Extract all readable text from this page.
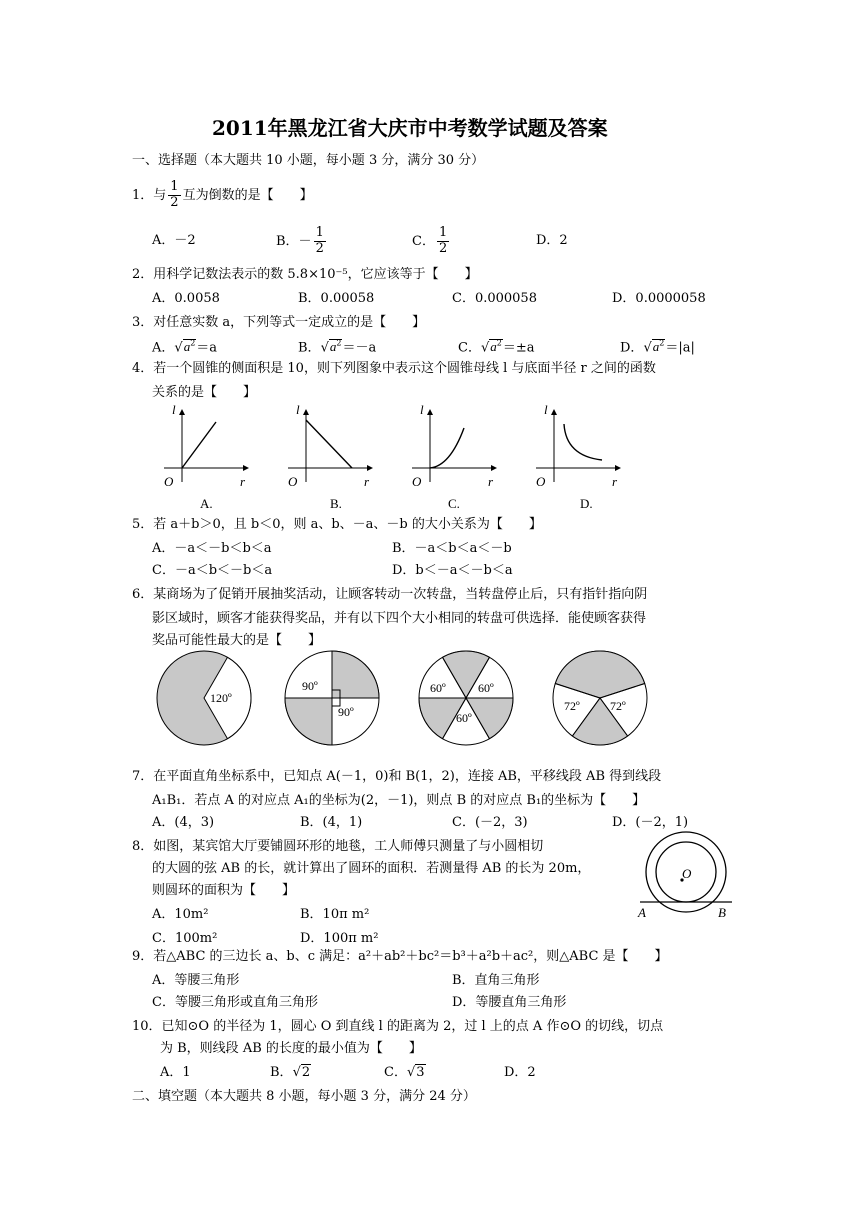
2011年黑龙江省大庆市中考数学试题及答案
一、选择题（本大题共 10 小题，每小题 3 分，满分 30 分）
1．与 $\frac{1}{2}$ 互为倒数的是【　　】
A．－2	B．－ $\frac{1}{2}$	C． $\frac{1}{2}$	D．2
2．用科学记数法表示的数 5.8×10⁻⁵，它应该等于【　　】
A．0.0058	B．0.00058	C．0.000058	D．0.0000058
3．对任意实数 a，下列等式一定成立的是【　　】
A．$√a^2=a$	B．$√a^2=-a$	C．$√a^2=\pm a$	D．$√a^2=|a|$
4．若一个圆锥的侧面积是 10，则下列图象中表示这个圆锥母线 l 与底面半径 r 之间的函数
关系的是【　　】
l
r
O
A.
l
r
O
B.
l
r
O
C.
l
r
O
D.
5．若 a＋b＞0，且 b＜0，则 a、b、－a、－b 的大小关系为【　　】
A．－a＜－b＜b＜a	B．－a＜b＜a＜－b
C．－a＜b＜－b＜a	D．b＜－a＜－b＜a
6．某商场为了促销开展抽奖活动，让顾客转动一次转盘，当转盘停止后，只有指针指向阴
影区域时，顾客才能获得奖品，并有以下四个大小相同的转盘可供选择．能使顾客获得
奖品可能性最大的是【　　】
120º
90º
90º
60º	60º
60º
72º	72º
7．在平面直角坐标系中，已知点 A(－1，0)和 B(1，2)，连接 AB，平移线段 AB 得到线段
A₁B₁．若点 A 的对应点 A₁的坐标为(2，－1)，则点 B 的对应点 B₁的坐标为【　　】
A．(4，3)	B．(4，1)	C．(－2，3)	D．(－2，1)
8．如图，某宾馆大厅要铺圆环形的地毯，工人师傅只测量了与小圆相切
的大圆的弦 AB 的长，就计算出了圆环的面积．若测量得 AB 的长为 20m，
则圆环的面积为【　　】
A．10m²	B．10π m²
C．100m²	D．100π m²
O
A	B
9．若△ABC 的三边长 a、b、c 满足：a²＋ab²＋bc²＝b³＋a²b＋ac²，则△ABC 是【　　】
A．等腰三角形	B．直角三角形
C．等腰三角形或直角三角形	D．等腰直角三角形
10．已知⊙O 的半径为 1，圆心 O 到直线 l 的距离为 2，过 l 上的点 A 作⊙O 的切线，切点
为 B，则线段 AB 的长度的最小值为【　　】
A．1	B．√2	C．√3	D．2
二、填空题（本大题共 8 小题，每小题 3 分，满分 24 分）
